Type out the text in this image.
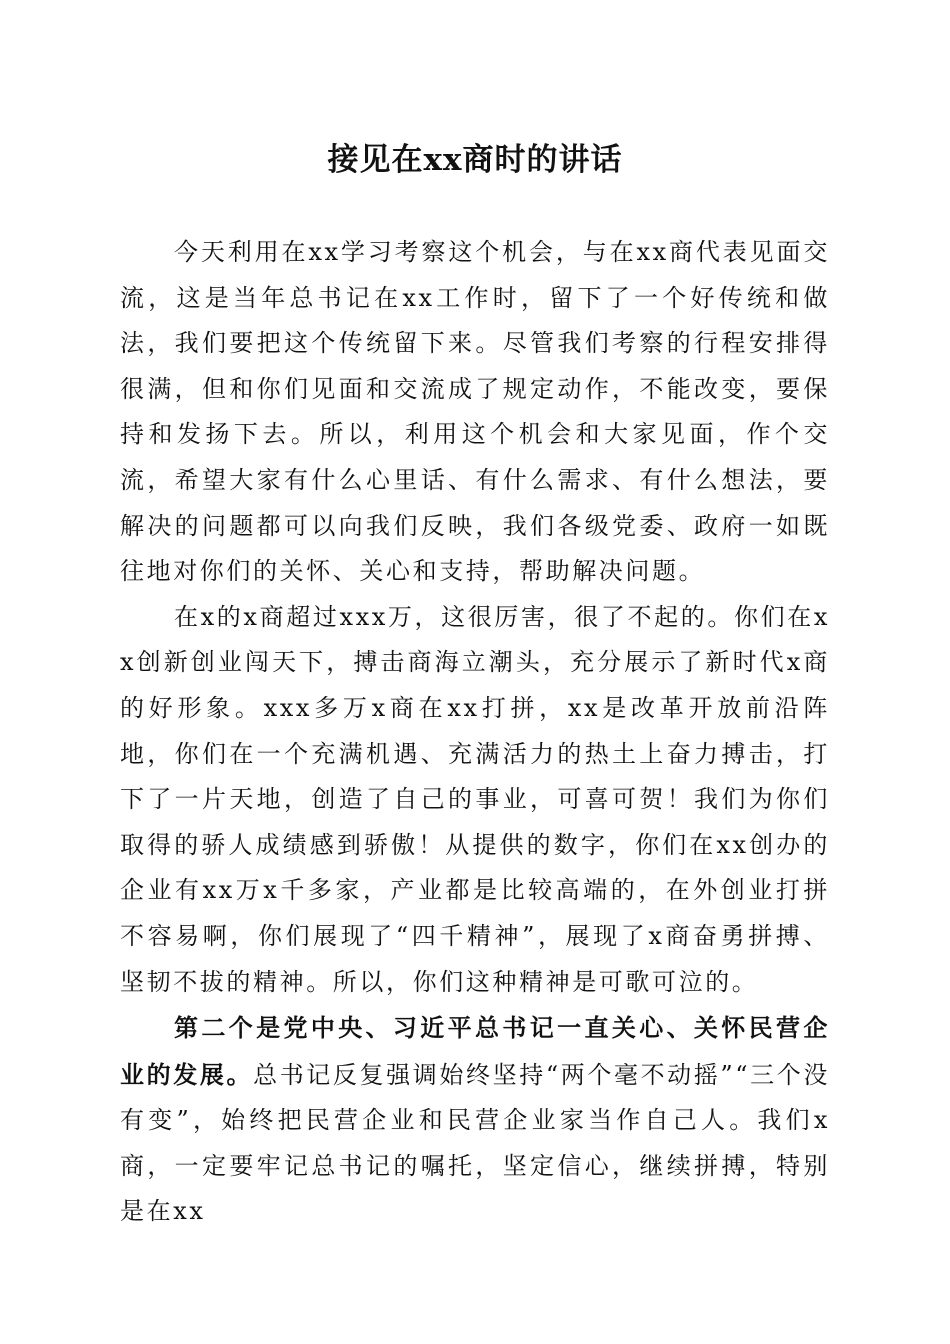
接见在xx商时的讲话

今天利用在xx学习考察这个机会，与在xx商代表见面交流，这是当年总书记在xx工作时，留下了一个好传统和做法，我们要把这个传统留下来。尽管我们考察的行程安排得很满，但和你们见面和交流成了规定动作，不能改变，要保持和发扬下去。所以，利用这个机会和大家见面，作个交流，希望大家有什么心里话、有什么需求、有什么想法，要解决的问题都可以向我们反映，我们各级党委、政府一如既往地对你们的关怀、关心和支持，帮助解决问题。

在x的x商超过xxx万，这很厉害，很了不起的。你们在xx创新创业闯天下，搏击商海立潮头，充分展示了新时代x商的好形象。xxx多万x商在xx打拼，xx是改革开放前沿阵地，你们在一个充满机遇、充满活力的热土上奋力搏击，打下了一片天地，创造了自己的事业，可喜可贺！我们为你们取得的骄人成绩感到骄傲！从提供的数字，你们在xx创办的企业有xx万x千多家，产业都是比较高端的，在外创业打拼不容易啊，你们展现了“四千精神”，展现了x商奋勇拼搏、坚韧不拔的精神。所以，你们这种精神是可歌可泣的。

第二个是党中央、习近平总书记一直关心、关怀民营企业的发展。总书记反复强调始终坚持“两个毫不动摇”“三个没有变”，始终把民营企业和民营企业家当作自己人。我们x商，一定要牢记总书记的嘱托，坚定信心，继续拼搏，特别是在xx
